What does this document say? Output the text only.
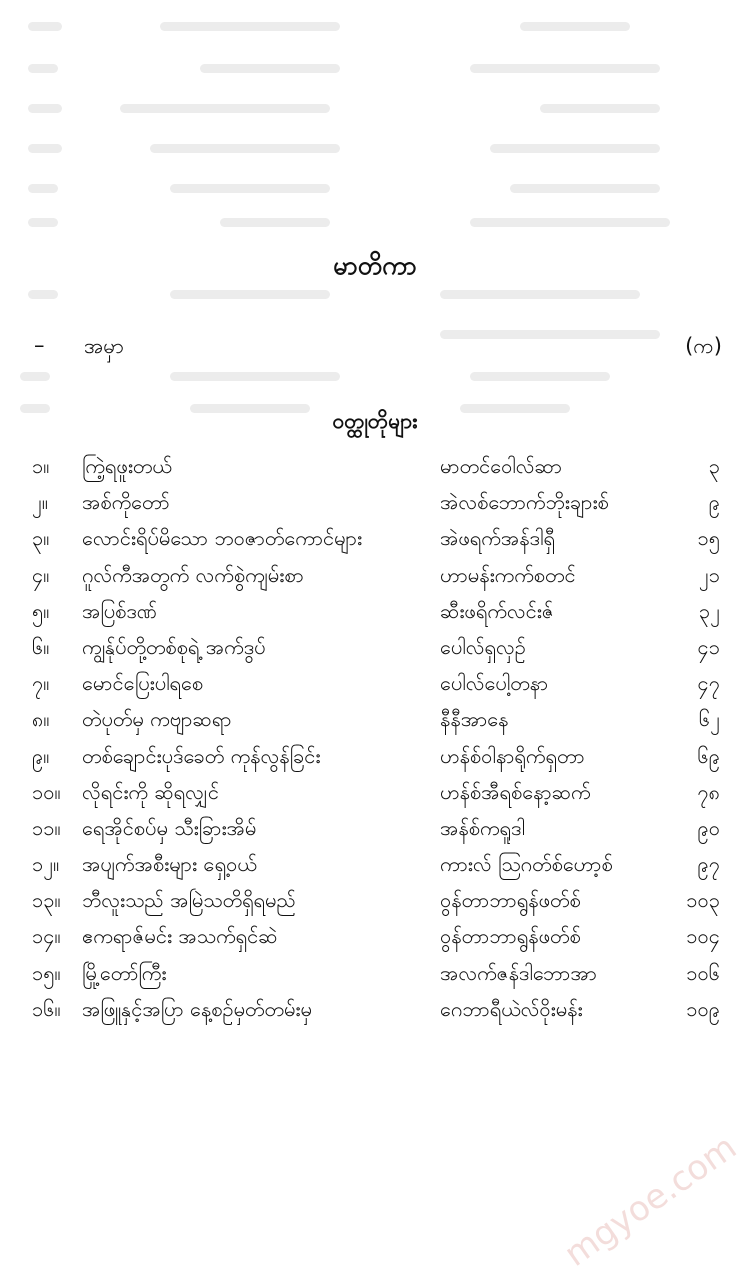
မာတိကာ
– အမှာ	(က)
ဝတ္ထုတိုများ
၁။ ကြဲ့ရဖူးတယ်	မာတင်ဝေါလ်ဆာ	၃
၂။ အစ်ကိုတော်	အဲလစ်ဘောက်ဘိုးချားစ်	၉
၃။ လောင်းရိပ်မိသော ဘဝဇာတ်ကောင်များ	အဲဖရက်အန်ဒါရှီ	၁၅
၄။ ဂူလ်ကီအတွက် လက်စွဲကျမ်းစာ	ဟာမန်းကက်စတင်	၂၁
၅။ အပြစ်ဒဏ်	ဆီးဖရိက်လင်းဇ်	၃၂
၆။ ကျွန်ုပ်တို့တစ်စုရဲ့ အက်ဒွပ်	ပေါလ်ရှလှဉ်	၄၁
၇။ မောင်ပြေးပါရစေ	ပေါလ်ပေါ့တနာ	၄၇
၈။ တဲပုတ်မှ ကဗျာဆရာ	နီနီအာနေ	၆၂
၉။ တစ်ချောင်းပုဒ်ခေတ် ကုန်လွန်ခြင်း	ဟန်စ်ဝါနာရိုက်ရှတာ	၆၉
၁၀။ လိုရင်းကို ဆိုရလျှင်	ဟန်စ်အီရစ်နော့ဆက်	၇၈
၁၁။ ရေအိုင်စပ်မှ သီးခြားအိမ်	အန်စ်ကရူဒါ	၉၀
၁၂။ အပျက်အစီးများ ရှေ့ဝယ်	ကားလ် ဩဂတ်စ်ဟော့စ်	၉၇
၁၃။ ဘီလူးသည် အမြဲသတိရှိရမည်	ဝွန်တာဘာရွန်ဖတ်စ်	၁၀၃
၁၄။ ဧကရာဇ်မင်း အသက်ရှင်ဆဲ	ဝွန်တာဘာရွန်ဖတ်စ်	၁၀၄
၁၅။ မြို့တော်ကြီး	အလက်ဇန်ဒါဘောအာ	၁၀၆
၁၆။ အဖြူနှင့်အပြာ နေ့စဉ်မှတ်တမ်းမှ	ဂေဘာရီယဲလ်ဝိုးမန်း	၁၀၉
mgyoe.com
